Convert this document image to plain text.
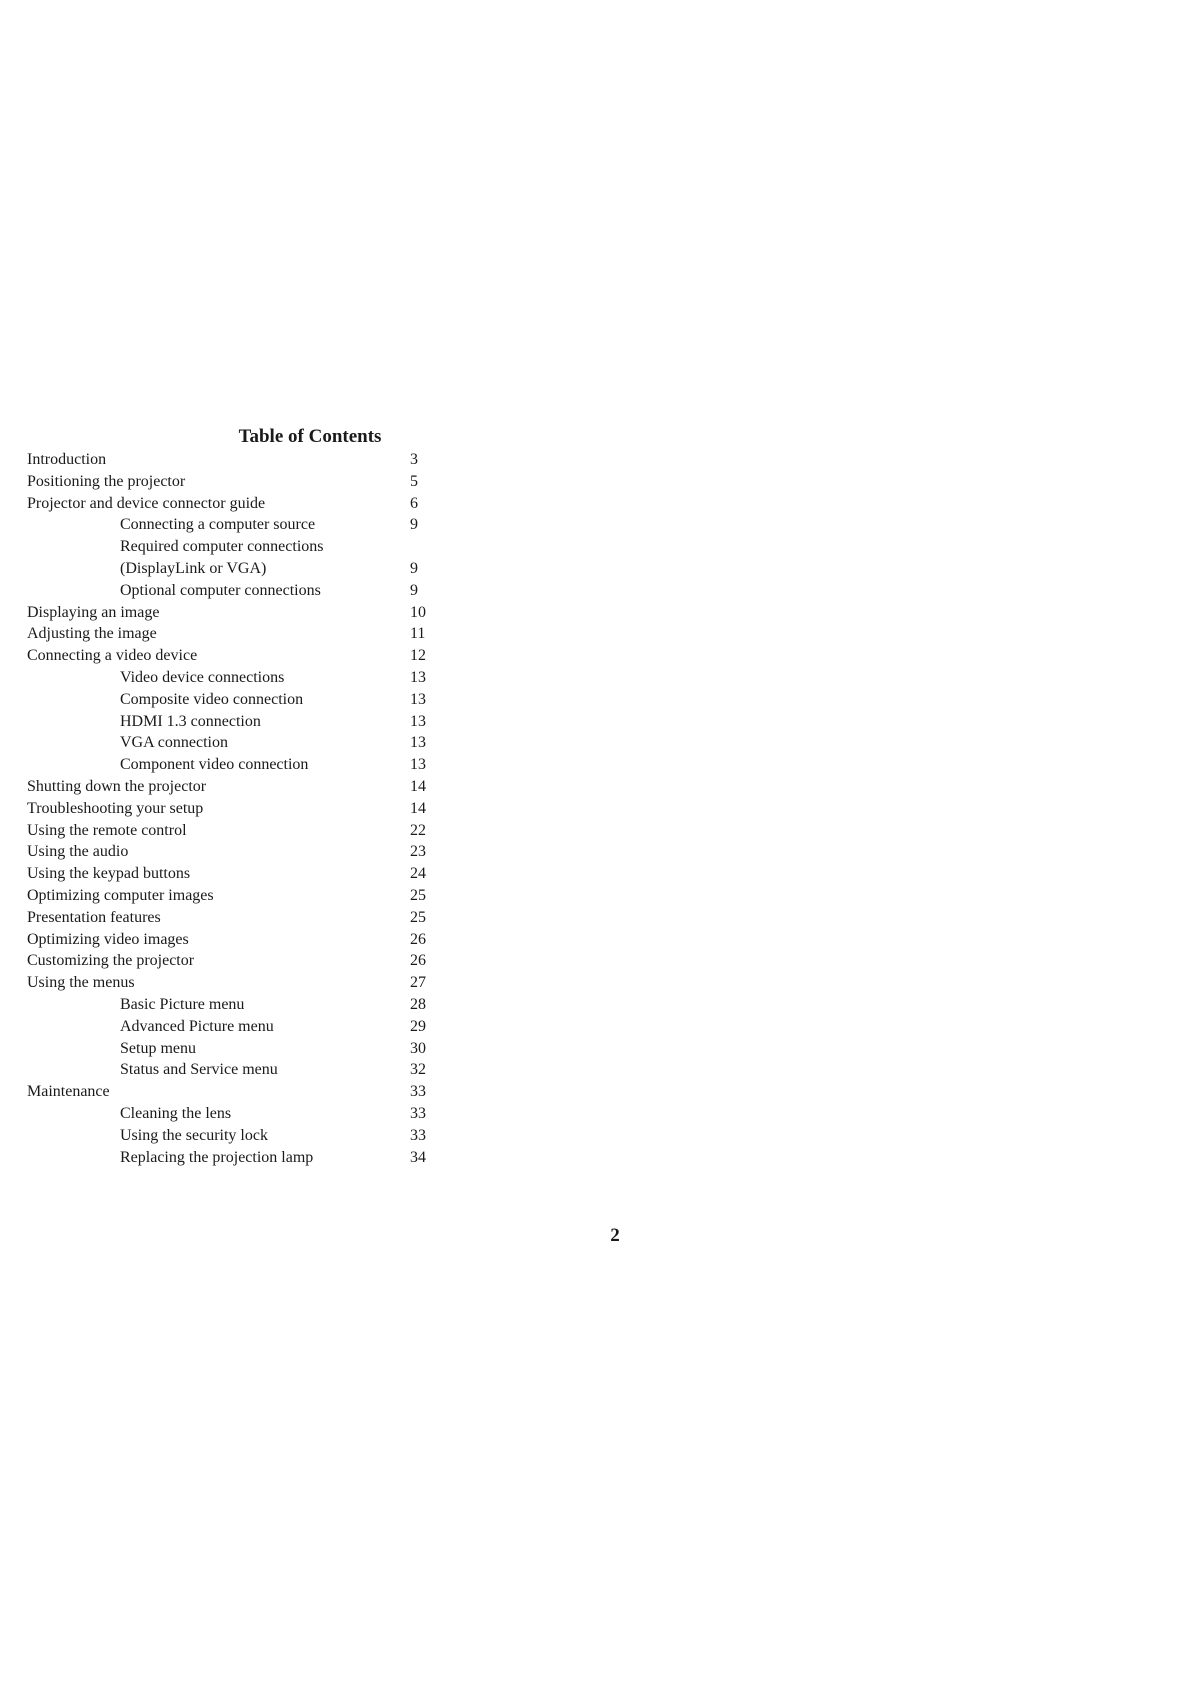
Table of Contents
Introduction	3
Positioning the projector	5
Projector and device connector guide	6
Connecting a computer source	9
Required computer connections
(DisplayLink or VGA)	9
Optional computer connections	9
Displaying an image	10
Adjusting the image	11
Connecting a video device	12
Video device connections	13
Composite video connection	13
HDMI 1.3 connection	13
VGA connection	13
Component video connection	13
Shutting down the projector	14
Troubleshooting your setup	14
Using the remote control	22
Using the audio	23
Using the keypad buttons	24
Optimizing computer images	25
Presentation features	25
Optimizing video images	26
Customizing the projector	26
Using the menus	27
Basic Picture menu	28
Advanced Picture menu	29
Setup menu	30
Status and Service menu	32
Maintenance	33
Cleaning the lens	33
Using the security lock	33
Replacing the projection lamp	34
2
